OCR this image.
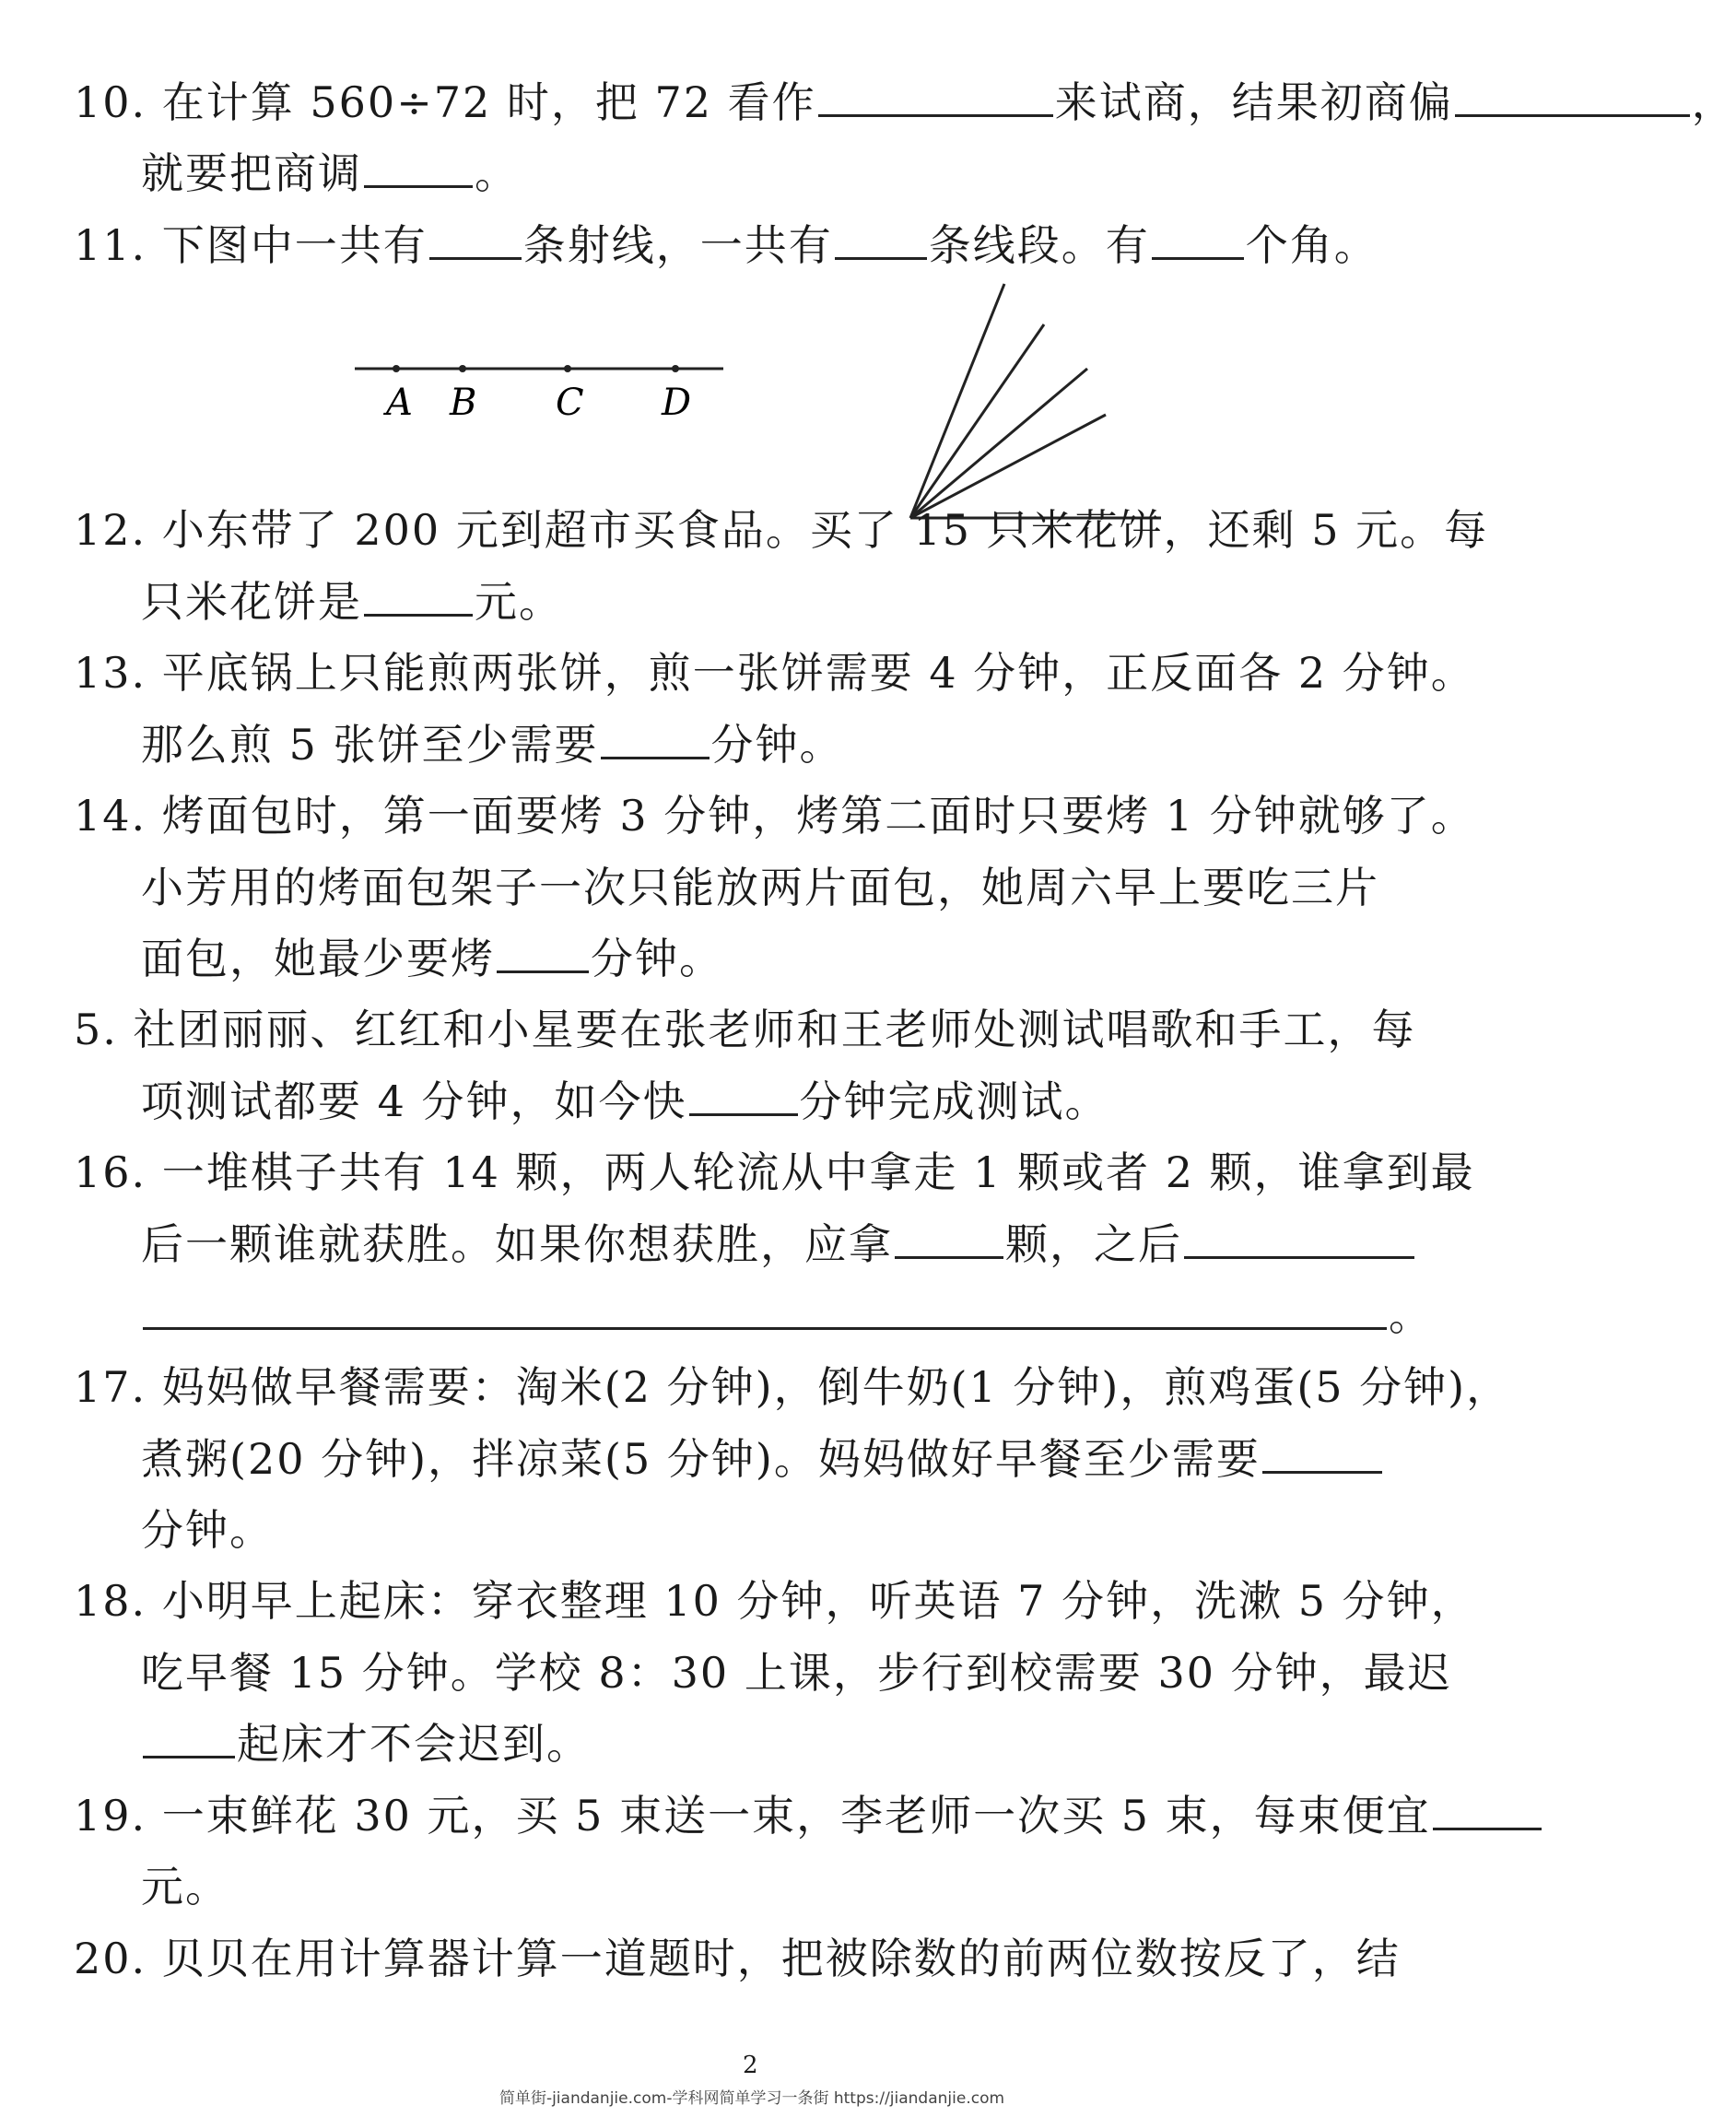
10. 在计算 560÷72 时，把 72 看作	来试商，结果初商偏	，
就要把商调	。
11. 下图中一共有 条射线，一共有 条线段。有 个角。
A B C D
12. 小东带了 200 元到超市买食品。买了 15 只米花饼，还剩 5 元。每
只米花饼是	元。
13. 平底锅上只能煎两张饼，煎一张饼需要 4 分钟，正反面各 2 分钟。
那么煎 5 张饼至少需要	分钟。
14. 烤面包时，第一面要烤 3 分钟，烤第二面时只要烤 1 分钟就够了。
小芳用的烤面包架子一次只能放两片面包，她周六早上要吃三片
面包，她最少要烤 分钟。
5. 社团丽丽、红红和小星要在张老师和王老师处测试唱歌和手工，每
项测试都要 4 分钟，如今快	分钟完成测试。
16. 一堆棋子共有 14 颗，两人轮流从中拿走 1 颗或者 2 颗，谁拿到最
后一颗谁就获胜。如果你想获胜，应拿	颗，之后
。
17. 妈妈做早餐需要：淘米(2 分钟)，倒牛奶(1 分钟)，煎鸡蛋(5 分钟)，
煮粥(20 分钟)，拌凉菜(5 分钟)。妈妈做好早餐至少需要
分钟。
18. 小明早上起床：穿衣整理 10 分钟，听英语 7 分钟，洗漱 5 分钟，
吃早餐 15 分钟。学校 8：30 上课，步行到校需要 30 分钟，最迟
起床才不会迟到。
19. 一束鲜花 30 元，买 5 束送一束，李老师一次买 5 束，每束便宜
元。
20. 贝贝在用计算器计算一道题时，把被除数的前两位数按反了，结
2
简单街-jiandanjie.com-学科网简单学习一条街 https://jiandanjie.com
